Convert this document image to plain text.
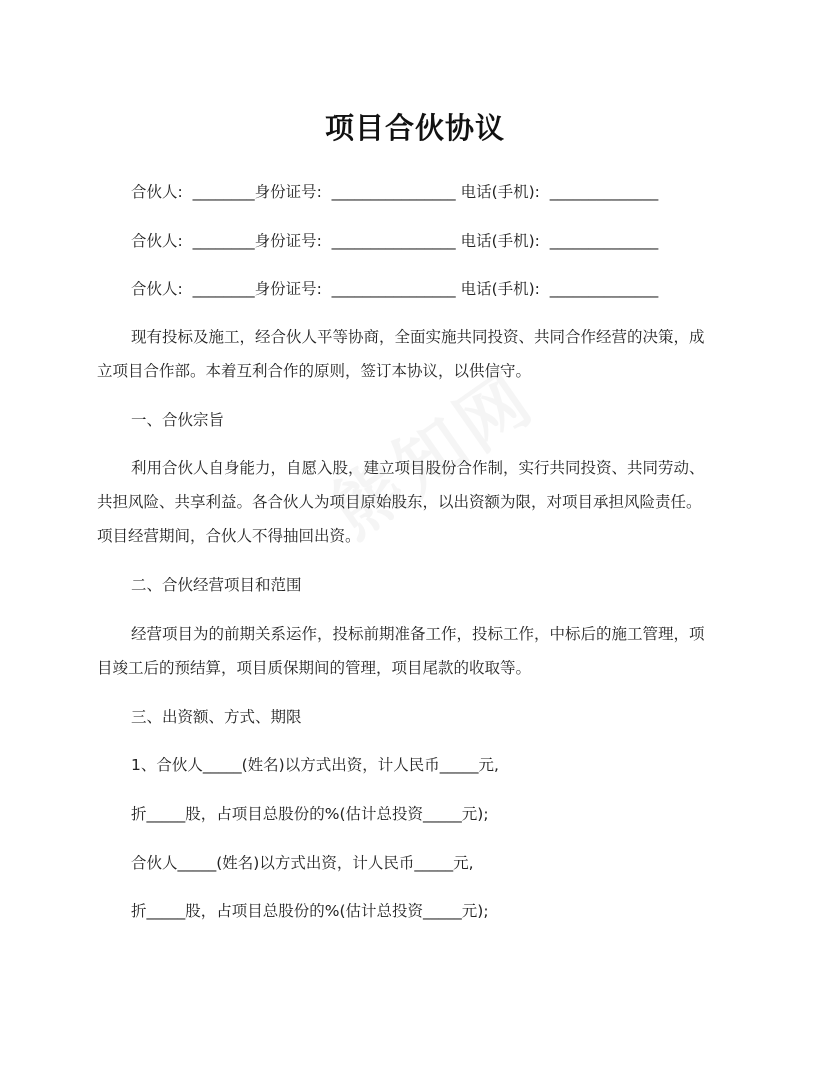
项目合伙协议
合伙人:  ________身份证号:  ________________ 电话(手机):  ______________
合伙人:  ________身份证号:  ________________ 电话(手机):  ______________
合伙人:  ________身份证号:  ________________ 电话(手机):  ______________
现有投标及施工，经合伙人平等协商，全面实施共同投资、共同合作经营的决策，成
立项目合作部。本着互利合作的原则，签订本协议，以供信守。
一、合伙宗旨
利用合伙人自身能力，自愿入股，建立项目股份合作制，实行共同投资、共同劳动、
共担风险、共享利益。各合伙人为项目原始股东，以出资额为限，对项目承担风险责任。
项目经营期间，合伙人不得抽回出资。
二、合伙经营项目和范围
经营项目为的前期关系运作，投标前期准备工作，投标工作，中标后的施工管理，项
目竣工后的预结算，项目质保期间的管理，项目尾款的收取等。
三、出资额、方式、期限
1、合伙人_____(姓名)以方式出资，计人民币_____元,
折_____股，占项目总股份的%(估计总投资_____元);
合伙人_____(姓名)以方式出资，计人民币_____元,
折_____股，占项目总股份的%(估计总投资_____元);
